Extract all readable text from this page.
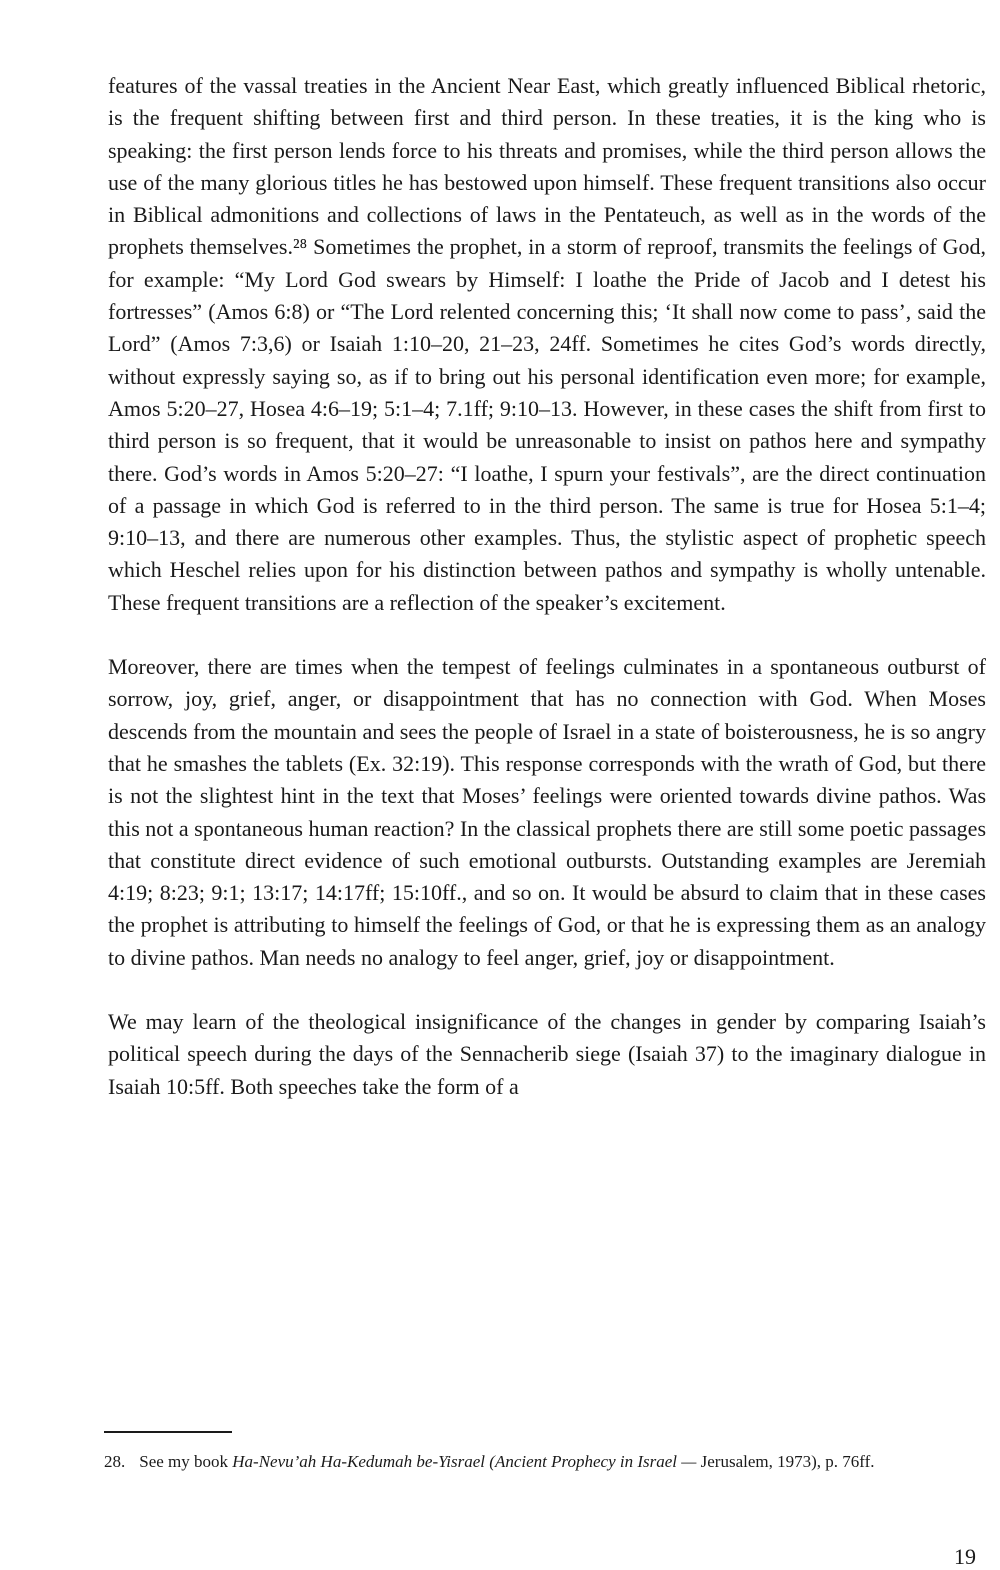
features of the vassal treaties in the Ancient Near East, which greatly influenced Biblical rhetoric, is the frequent shifting between first and third person. In these treaties, it is the king who is speaking: the first person lends force to his threats and promises, while the third person allows the use of the many glorious titles he has bestowed upon himself. These frequent transitions also occur in Biblical admonitions and collections of laws in the Pentateuch, as well as in the words of the prophets themselves.²⁸ Sometimes the prophet, in a storm of reproof, transmits the feelings of God, for example: “My Lord God swears by Himself: I loathe the Pride of Jacob and I detest his fortresses” (Amos 6:8) or “The Lord relented concerning this; ‘It shall now come to pass’, said the Lord” (Amos 7:3,6) or Isaiah 1:10–20, 21–23, 24ff. Sometimes he cites God’s words directly, without expressly saying so, as if to bring out his personal identification even more; for example, Amos 5:20–27, Hosea 4:6–19; 5:1–4; 7.1ff; 9:10–13. However, in these cases the shift from first to third person is so frequent, that it would be unreasonable to insist on pathos here and sympathy there. God’s words in Amos 5:20–27: “I loathe, I spurn your festivals”, are the direct continuation of a passage in which God is referred to in the third person. The same is true for Hosea 5:1–4; 9:10–13, and there are numerous other examples. Thus, the stylistic aspect of prophetic speech which Heschel relies upon for his distinction between pathos and sympathy is wholly untenable. These frequent transitions are a reflection of the speaker’s excitement.

Moreover, there are times when the tempest of feelings culminates in a spontaneous outburst of sorrow, joy, grief, anger, or disappointment that has no connection with God. When Moses descends from the mountain and sees the people of Israel in a state of boisterousness, he is so angry that he smashes the tablets (Ex. 32:19). This response corresponds with the wrath of God, but there is not the slightest hint in the text that Moses’ feelings were oriented towards divine pathos. Was this not a spontaneous human reaction? In the classical prophets there are still some poetic passages that constitute direct evidence of such emotional outbursts. Outstanding examples are Jeremiah 4:19; 8:23; 9:1; 13:17; 14:17ff; 15:10ff., and so on. It would be absurd to claim that in these cases the prophet is attributing to himself the feelings of God, or that he is expressing them as an analogy to divine pathos. Man needs no analogy to feel anger, grief, joy or disappointment.

We may learn of the theological insignificance of the changes in gender by comparing Isaiah’s political speech during the days of the Sennacherib siege (Isaiah 37) to the imaginary dialogue in Isaiah 10:5ff. Both speeches take the form of a

28. See my book Ha-Nevu’ah Ha-Kedumah be-Yisrael (Ancient Prophecy in Israel — Jerusalem, 1973), p. 76ff.
19
